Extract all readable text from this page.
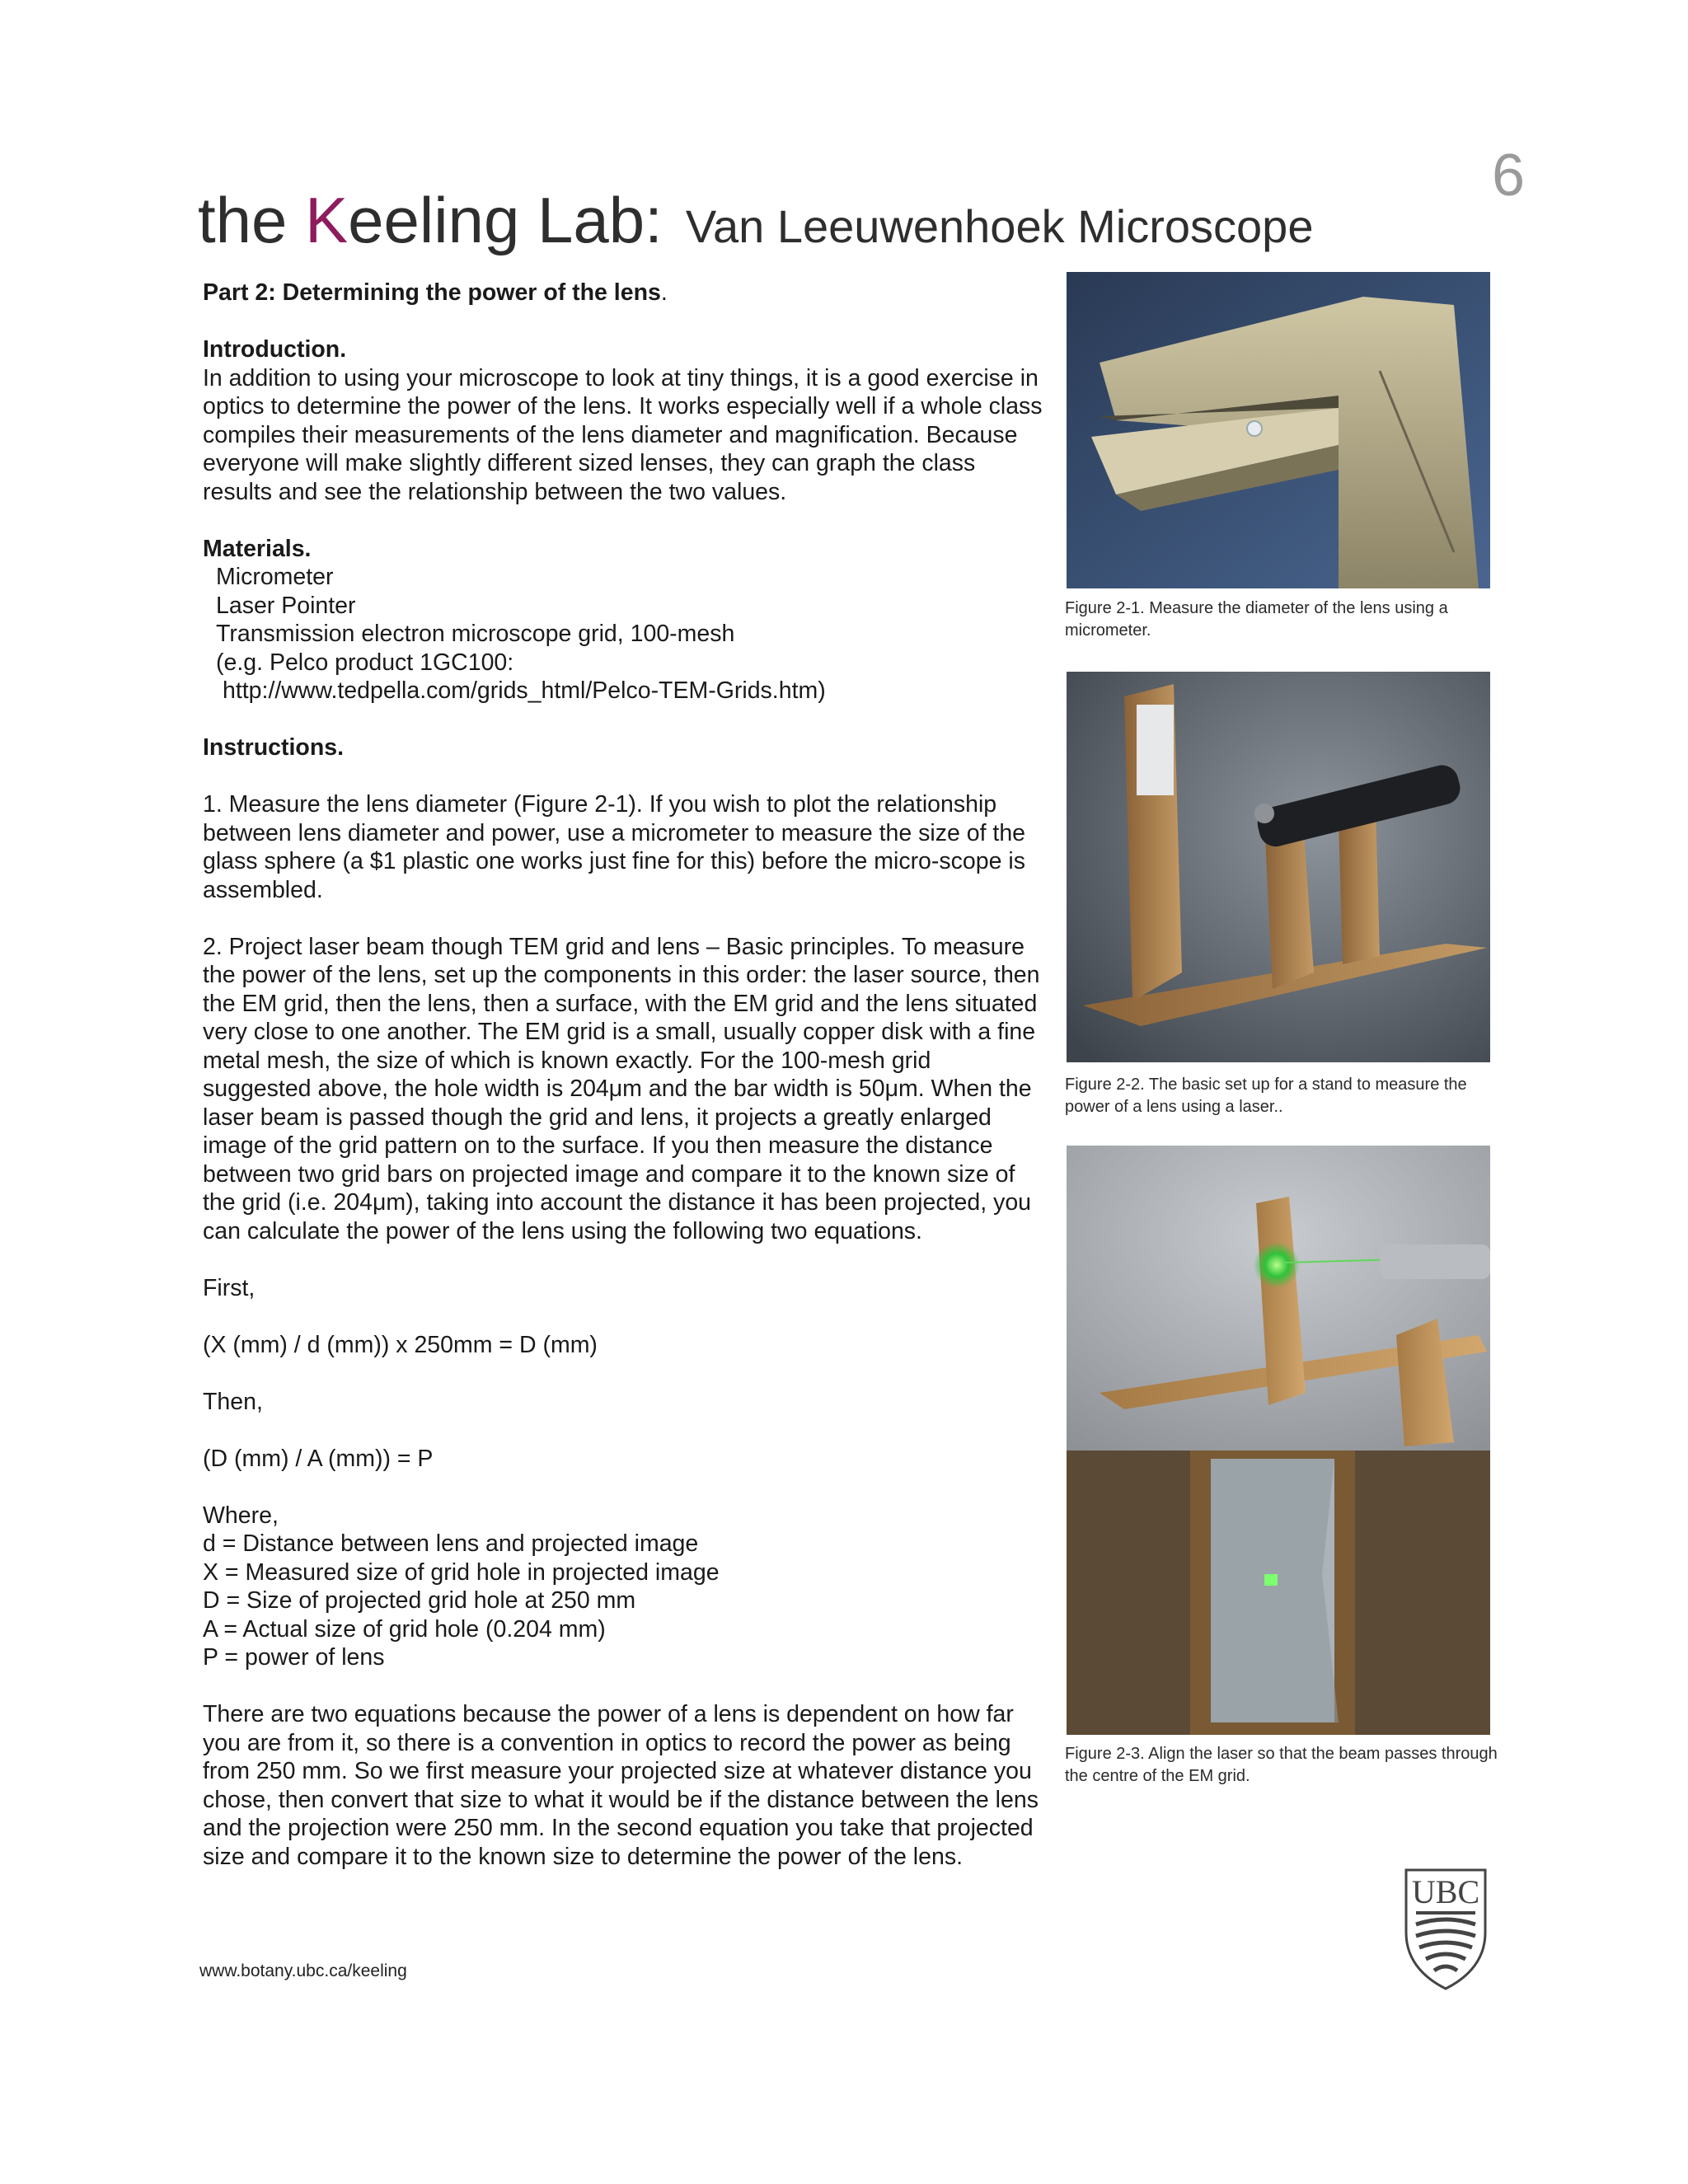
6
the Keeling Lab: Van Leeuwenhoek Microscope

Part 2: Determining the power of the lens.

Introduction.

In addition to using your microscope to look at tiny things, it is a good exercise in optics to determine the power of the lens. It works especially well if a whole class compiles their measurements of the lens diameter and magnification. Because everyone will make slightly different sized lenses, they can graph the class results and see the relationship between the two values.

Materials.

Micrometer

Laser Pointer

Transmission electron microscope grid, 100-mesh

(e.g. Pelco product 1GC100:

http://www.tedpella.com/grids_html/Pelco-TEM-Grids.htm)

Instructions.

1. Measure the lens diameter (Figure 2-1). If you wish to plot the relationship between lens diameter and power, use a micrometer to measure the size of the glass sphere (a $1 plastic one works just fine for this) before the micro-scope is assembled.

2. Project laser beam though TEM grid and lens – Basic principles. To measure the power of the lens, set up the components in this order: the laser source, then the EM grid, then the lens, then a surface, with the EM grid and the lens situated very close to one another. The EM grid is a small, usually copper disk with a fine metal mesh, the size of which is known exactly. For the 100-mesh grid suggested above, the hole width is 204μm and the bar width is 50μm. When the laser beam is passed though the grid and lens, it projects a greatly enlarged image of the grid pattern on to the surface. If you then measure the distance between two grid bars on projected image and compare it to the known size of the grid (i.e. 204μm), taking into account the distance it has been projected, you can calculate the power of the lens using the following two equations.

First,

(X (mm) / d (mm)) x 250mm = D (mm)

Then,

(D (mm) / A (mm)) = P

Where,

d = Distance between lens and projected image

X = Measured size of grid hole in projected image

D = Size of projected grid hole at 250 mm

A = Actual size of grid hole (0.204 mm)

P = power of lens

There are two equations because the power of a lens is dependent on how far you are from it, so there is a convention in optics to record the power as being from 250 mm. So we first measure your projected size at whatever distance you chose, then convert that size to what it would be if the distance between the lens and the projection were 250 mm. In the second equation you take that projected size and compare it to the known size to determine the power of the lens.

www.botany.ubc.ca/keeling
Figure 2-1. Measure the diameter of the lens using a micrometer.
Figure 2-2. The basic set up for a stand to measure the power of a lens using a laser..
Figure 2-3. Align the laser so that the beam passes through the centre of the EM grid.
UBC
